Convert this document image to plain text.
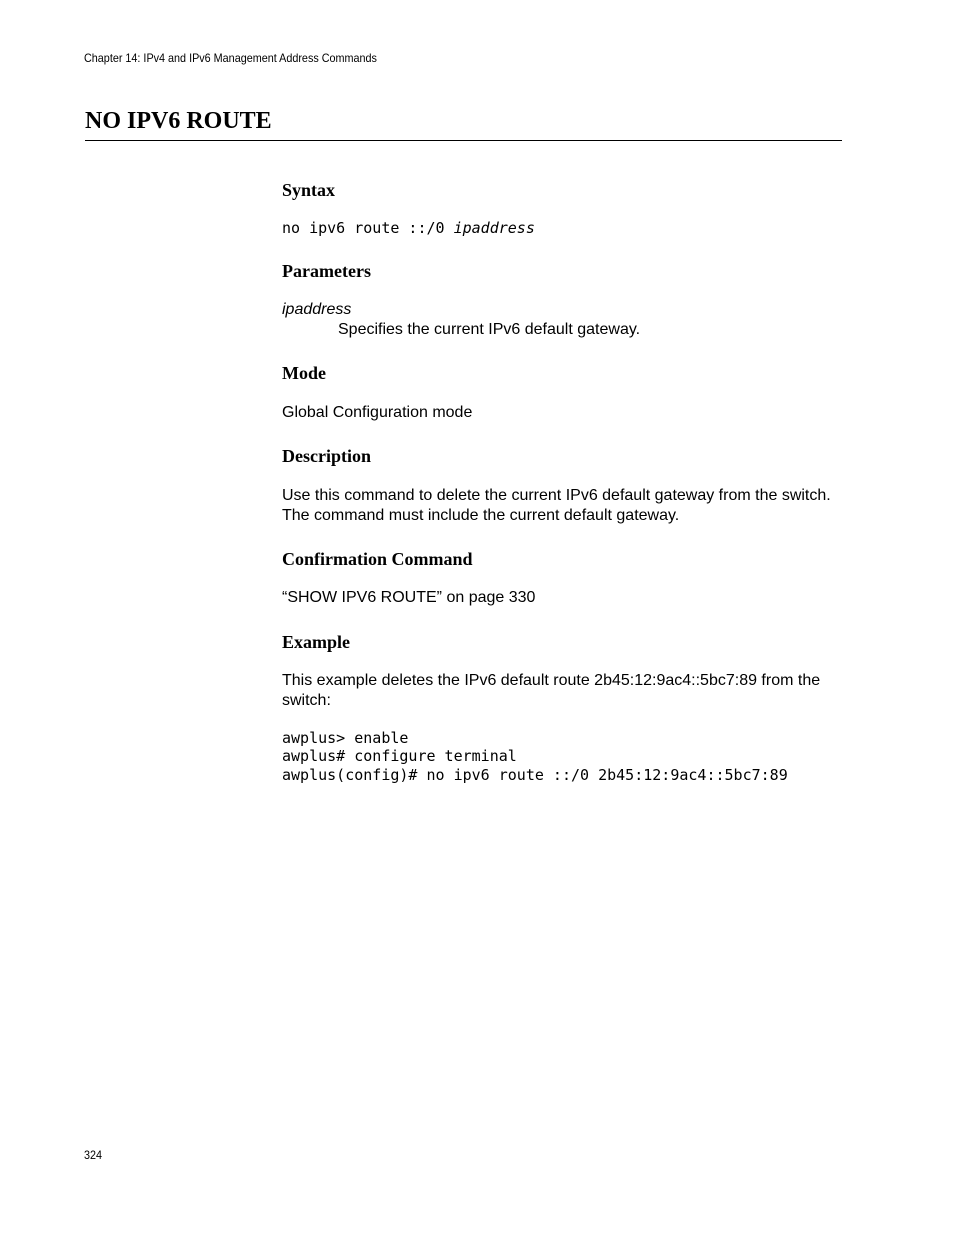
Chapter 14: IPv4 and IPv6 Management Address Commands
NO IPV6 ROUTE
Syntax
no ipv6 route ::/0 ipaddress
Parameters
ipaddress
Specifies the current IPv6 default gateway.
Mode
Global Configuration mode
Description
Use this command to delete the current IPv6 default gateway from the switch. The command must include the current default gateway.
Confirmation Command
“SHOW IPV6 ROUTE” on page 330
Example
This example deletes the IPv6 default route 2b45:12:9ac4::5bc7:89 from the switch:
awplus> enable
awplus# configure terminal
awplus(config)# no ipv6 route ::/0 2b45:12:9ac4::5bc7:89
324
